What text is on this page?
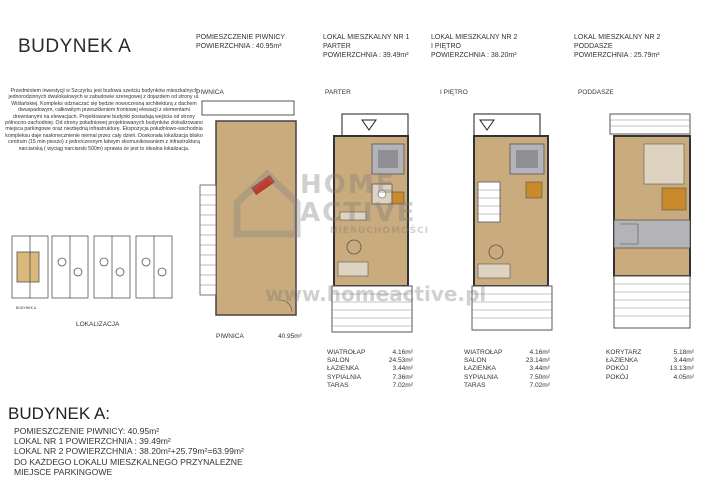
BUDYNEK A	POMIESZCZENIE PIWNICY
POWIERZCHNIA : 40.95m²
LOKAL MIESZKALNY NR 1
PARTER
POWIERZCHNIA : 39.49m²
LOKAL MIESZKALNY NR 2
I PIĘTRO
POWIERZCHNIA : 38.20m²
LOKAL MIESZKALNY NR 2
PODDASZE
POWIERZCHNIA : 25.79m²
Przedmiotem inwestycji w Szczyrku jest budowa sześciu budynków mieszkalnych jednorodzinnych dwulokalowych w zabudowie szeregowej z dojazdem od strony ul. Wiślańskiej. Kompleks odznaczać się będzie nowoczesną architekturą z dachem dwuspadowym, całkowitym przeszkleniem frontowej elewacji z elementami drewnianymi na elewacjach. Projektowane budynki posiadają wejścia od strony północno-zachodniej. Od strony południowej projektowanych budynków zlokalizowano miejsca parkingowe oraz niezbędną infrastrukturę. Ekspozycja południowo-wschodnia kompleksu daje nasłonecznienie niemal przez cały dzień. Doskonała lokalizacja blisko centrum (15 min pieszo) z jednoczesnym łatwym skomunikowaniem z infrastrukturą narciarską ( wyciąg narciarski 500m) sprawia że jest to idealna lokalizacja.
PIWNICA	PARTER	I PIĘTRO	PODDASZE
BUDYNEK A
LOKALIZACJA
PIWNICA	40.95m²
WIATROŁAP	4.16m²
SALON	24.53m²
ŁAZIENKA	3.44m²
SYPIALNIA	7.36m²
TARAS	7.02m²
WIATROŁAP	4.16m²
SALON	23.14m²
ŁAZIENKA	3.44m²
SYPIALNIA	7.50m²
TARAS	7.02m²
KORYTARZ	5.18m²
ŁAZIENKA	3.44m²
POKÓJ	13.13m²
POKÓJ	4.05m²
BUDYNEK A:
POMIESZCZENIE PIWNICY: 40.95m²
LOKAL NR 1 POWIERZCHNIA : 39.49m²
LOKAL NR 2 POWIERZCHNIA : 38.20m²+25.79m²=63.99m²
DO KAŻDEGO LOKALU MIESZKALNEGO PRZYNALEŻNE
MIEJSCE PARKINGOWE
HOME
ACTIVE
NIERUCHOMOŚCI
www.homeactive.pl
